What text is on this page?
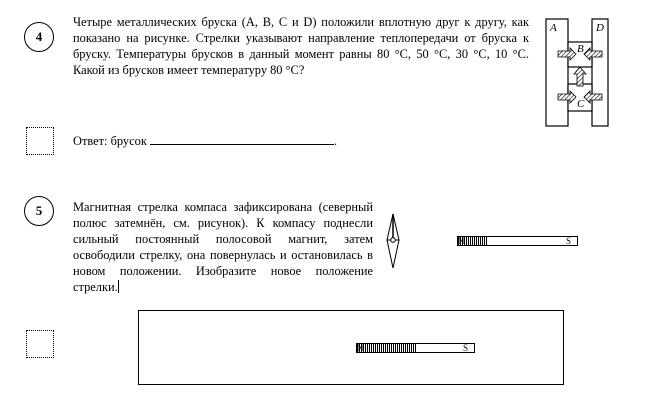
4
Четыре металлических бруска (A, B, C и D) положили вплотную друг к другу, как показано на рисунке. Стрелки указывают направление теплопередачи от бруска к бруску. Температуры брусков в данный момент равны 80 °С, 50 °С, 30 °С, 10 °С. Какой из брусков имеет температуру 80 °С?
A	D
B
C
Ответ: брусок	.
5 Магнитная стрелка компаса зафиксирована (северный полюс затемнён, см. рисунок). К компасу поднесли сильный постоянный полосовой магнит, затем освободили стрелку, она повернулась и остановилась в новом положении. Изобразите новое положение стрелки.
N	S
N	S
